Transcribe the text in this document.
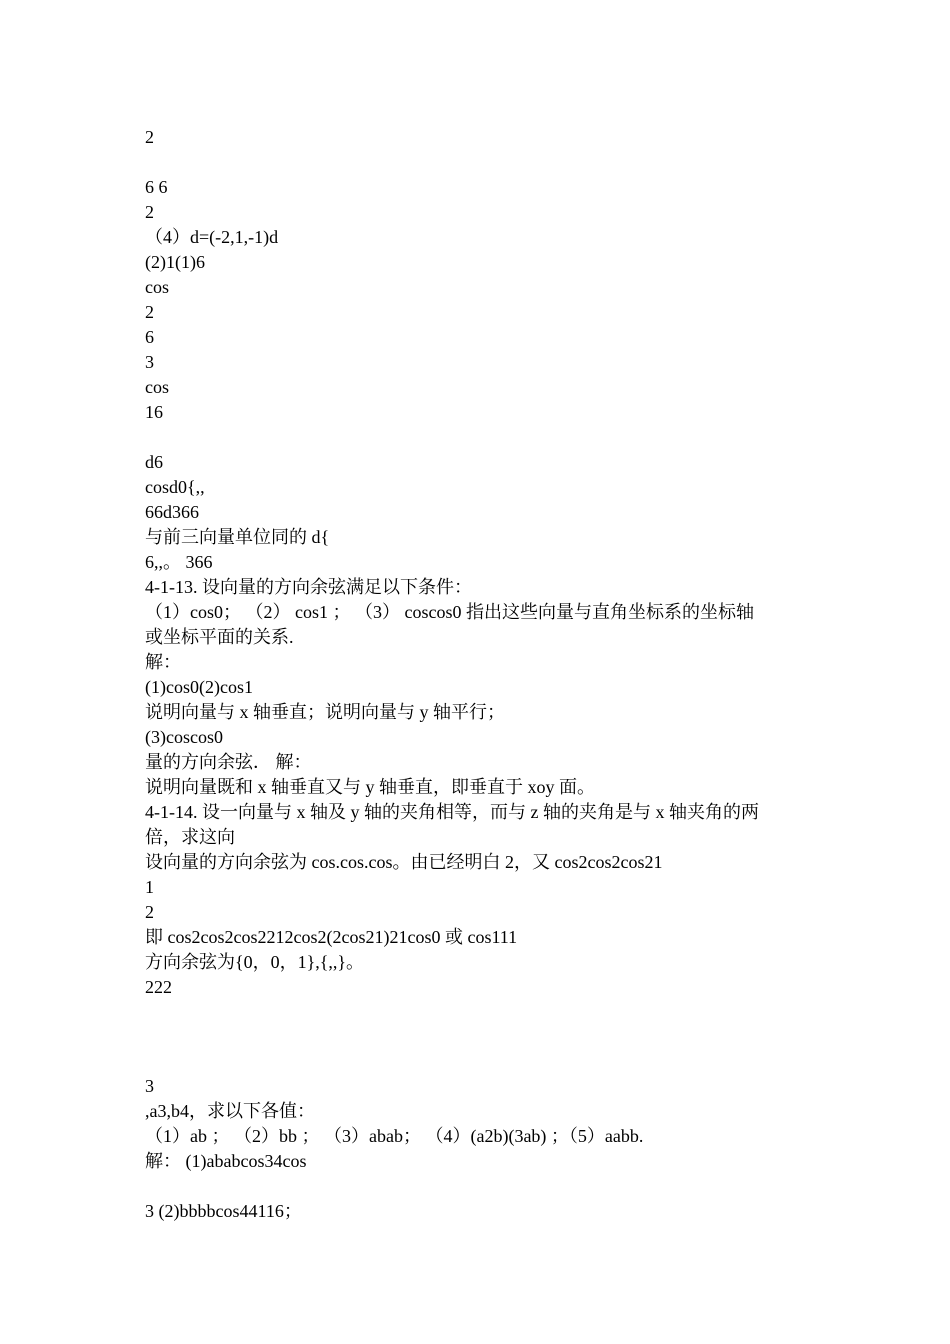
2
6 6
2
（4）d=(-2,1,-1)d
(2)1(1)6
cos
2
6
3
cos
16
d6
cosd0{,,
66d366
与前三向量单位同的 d{
6,,。 366
4-1-13. 设向量的方向余弦满足以下条件：
（1）cos0； （2） cos1 ； （3） coscos0 指出这些向量与直角坐标系的坐标轴
或坐标平面的关系.
解：
(1)cos0(2)cos1
说明向量与 x 轴垂直；说明向量与 y 轴平行；
(3)coscos0
量的方向余弦． 解：
说明向量既和 x 轴垂直又与 y 轴垂直，即垂直于 xoy 面。
4-1-14. 设一向量与 x 轴及 y 轴的夹角相等，而与 z 轴的夹角是与 x 轴夹角的两
倍，求这向
设向量的方向余弦为 cos.cos.cos。由已经明白 2，又 cos2cos2cos21
1
2
即 cos2cos2cos2212cos2(2cos21)21cos0 或 cos111
方向余弦为{0，0，1},{,,}。
222
3
,a3,b4，求以下各值：
（1）ab ； （2）bb ； （3）abab； （4）(a2b)(3ab) ；（5）aabb.
解： (1)ababcos34cos
3 (2)bbbbcos44116；
